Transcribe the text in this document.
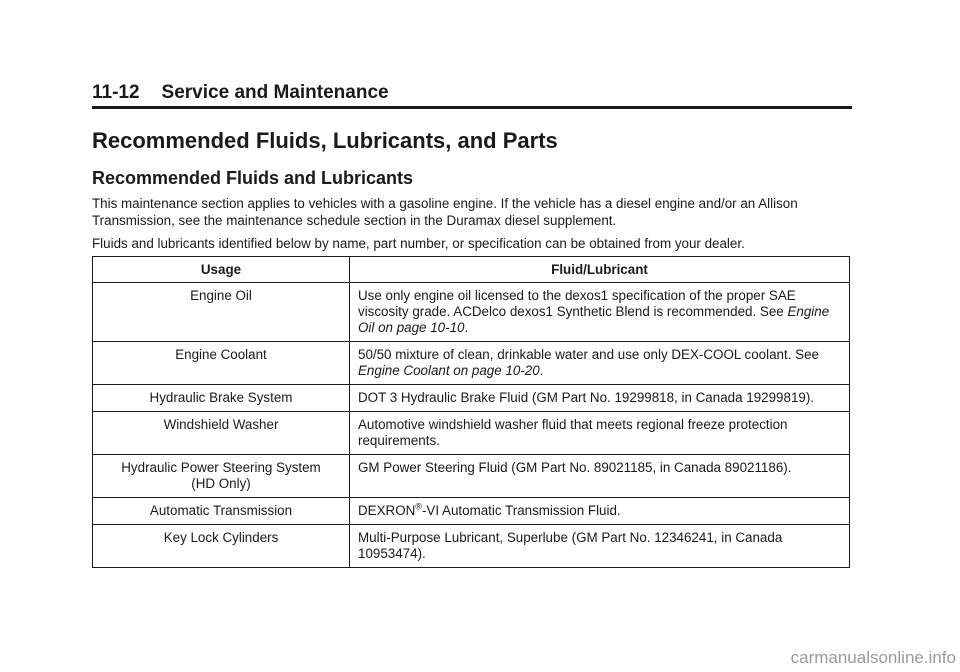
11-12 Service and Maintenance
Recommended Fluids, Lubricants, and Parts
Recommended Fluids and Lubricants
This maintenance section applies to vehicles with a gasoline engine. If the vehicle has a diesel engine and/or an Allison Transmission, see the maintenance schedule section in the Duramax diesel supplement.
Fluids and lubricants identified below by name, part number, or specification can be obtained from your dealer.
Usage	Fluid/Lubricant
Engine Oil	Use only engine oil licensed to the dexos1 specification of the proper SAE viscosity grade. ACDelco dexos1 Synthetic Blend is recommended. See Engine Oil on page 10-10.
Engine Coolant	50/50 mixture of clean, drinkable water and use only DEX-COOL coolant. See Engine Coolant on page 10-20.
Hydraulic Brake System	DOT 3 Hydraulic Brake Fluid (GM Part No. 19299818, in Canada 19299819).
Windshield Washer	Automotive windshield washer fluid that meets regional freeze protection requirements.
Hydraulic Power Steering System
(HD Only)	GM Power Steering Fluid (GM Part No. 89021185, in Canada 89021186).
Automatic Transmission	DEXRON®-VI Automatic Transmission Fluid.
Key Lock Cylinders	Multi-Purpose Lubricant, Superlube (GM Part No. 12346241, in Canada 10953474).
carmanualsonline.info
